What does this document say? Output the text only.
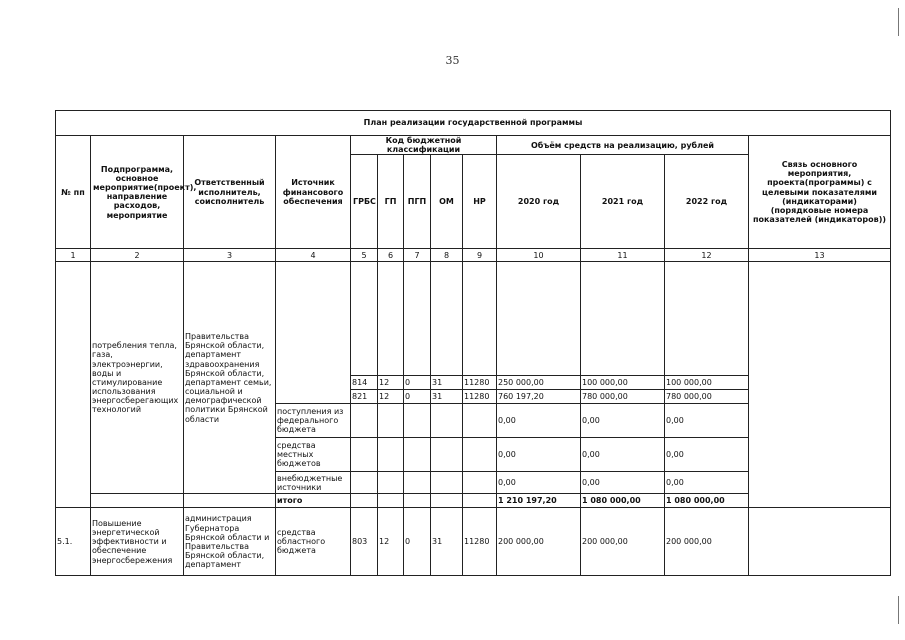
35
План реализации государственной программы												
№ пп	Подпрограмма, основное мероприятие(проект), направление расходов, мероприятие	Ответственный исполнитель, соисполнитель	Источник финансового обеспечения	Код бюджетной классификации					Объём средств на реализацию, рублей			Связь основного мероприятия, проекта(программы) с целевыми показателями (индикаторами) (порядковые номера показателей (индикаторов))
				ГРБС	ГП	ПГП	ОМ	НР	2020 год	2021 год	2022 год	
1	2	3	4	5	6	7	8	9	10	11	12	13
	потребления тепла, газа, электроэнергии, воды и стимулирование использования энергосберегающих технологий	Правительства Брянской области, департамент здравоохранения Брянской области, департамент семьи, социальной и демографической политики Брянской области										
				814	12	0	31	11280	250 000,00	100 000,00	100 000,00	
				821	12	0	31	11280	760 197,20	780 000,00	780 000,00	
			поступления из федерального бюджета						0,00	0,00	0,00	
			средства местных бюджетов						0,00	0,00	0,00	
			внебюджетные источники						0,00	0,00	0,00	
			итого						1 210 197,20	1 080 000,00	1 080 000,00	
5.1.	Повышение энергетической эффективности и обеспечение энергосбережения	администрация Губернатора Брянской области и Правительства Брянской области, департамент	средства областного бюджета	803	12	0	31	11280	200 000,00	200 000,00	200 000,00	
